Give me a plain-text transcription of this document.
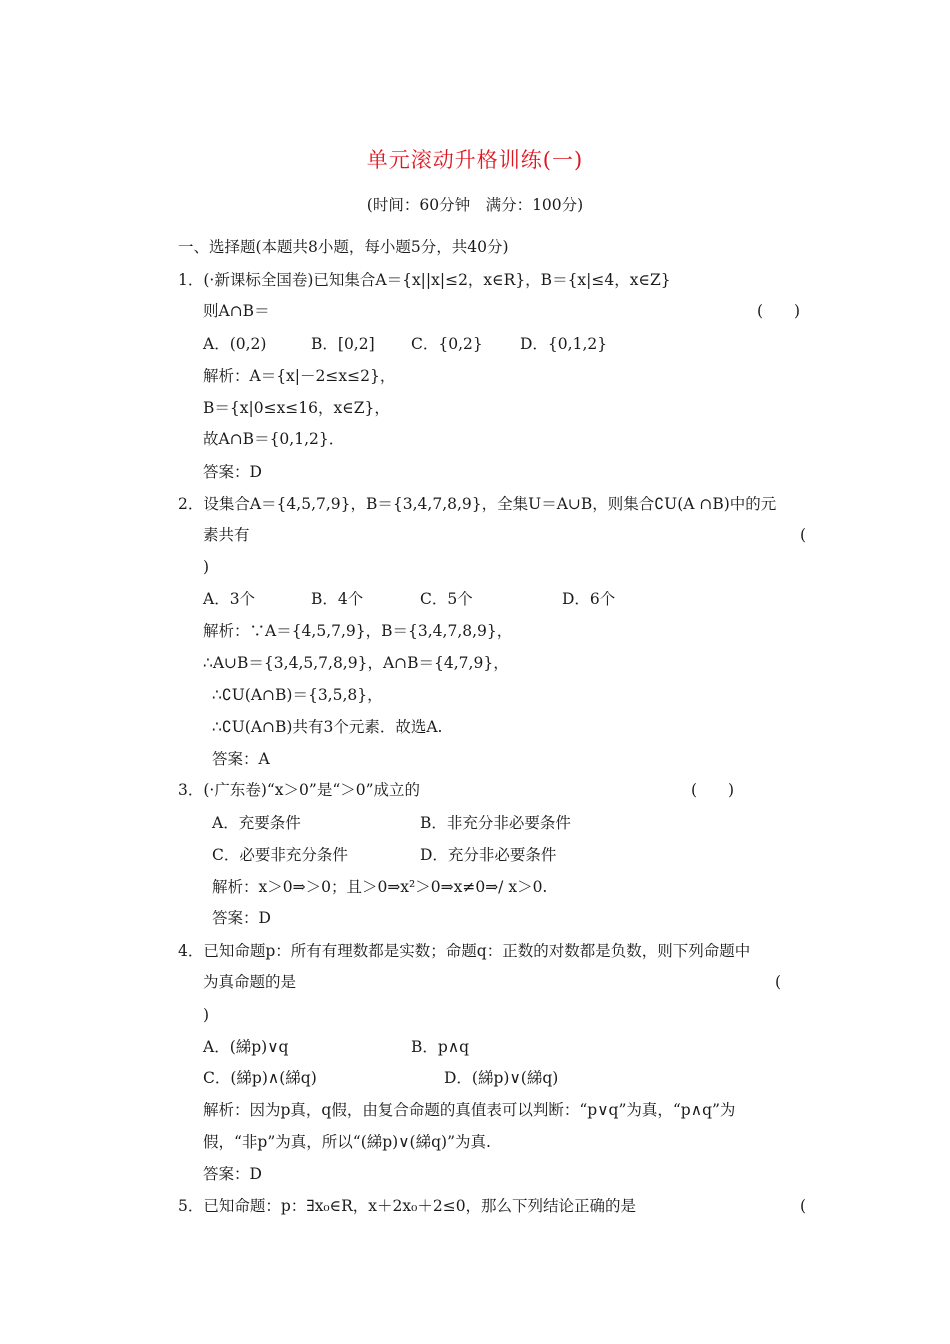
单元滚动升格训练(一)
(时间：60分钟　满分：100分)
一、选择题(本题共8小题，每小题5分，共40分)
1．(·新课标全国卷)已知集合A＝{x||x|≤2，x∈R}，B＝{x|≤4，x∈Z}
则A∩B＝	(　　)
A．(0,2)	B．[0,2] C．{0,2} D．{0,1,2}
解析：A＝{x|－2≤x≤2}，
B＝{x|0≤x≤16，x∈Z}，
故A∩B＝{0,1,2}．
答案：D
2．设集合A＝{4,5,7,9}，B＝{3,4,7,8,9}，全集U＝A∪B，则集合∁U(A ∩B)中的元
素共有	(
)
A．3个	B．4个	C．5个	D．6个
解析：∵A＝{4,5,7,9}，B＝{3,4,7,8,9}，
∴A∪B＝{3,4,5,7,8,9}，A∩B＝{4,7,9}，
∴∁U(A∩B)＝{3,5,8}，
∴∁U(A∩B)共有3个元素．故选A.
答案：A
3．(·广东卷)“x＞0”是“＞0”成立的	(　　)
A．充要条件	B．非充分非必要条件
C．必要非充分条件	D．充分非必要条件
解析：x＞0⇒＞0；且＞0⇒x²＞0⇒x≠0⇒/ x＞0.
答案：D
4．已知命题p：所有有理数都是实数；命题q：正数的对数都是负数，则下列命题中
为真命题的是	(
)
A．(綈p)∨q	B．p∧q
C．(綈p)∧(綈q)	D．(綈p)∨(綈q)
解析：因为p真，q假，由复合命题的真值表可以判断：“p∨q”为真，“p∧q”为
假，“非p”为真，所以“(綈p)∨(綈q)”为真.
答案：D
5．已知命题：p：∃x₀∈R，x＋2x₀＋2≤0，那么下列结论正确的是	(
